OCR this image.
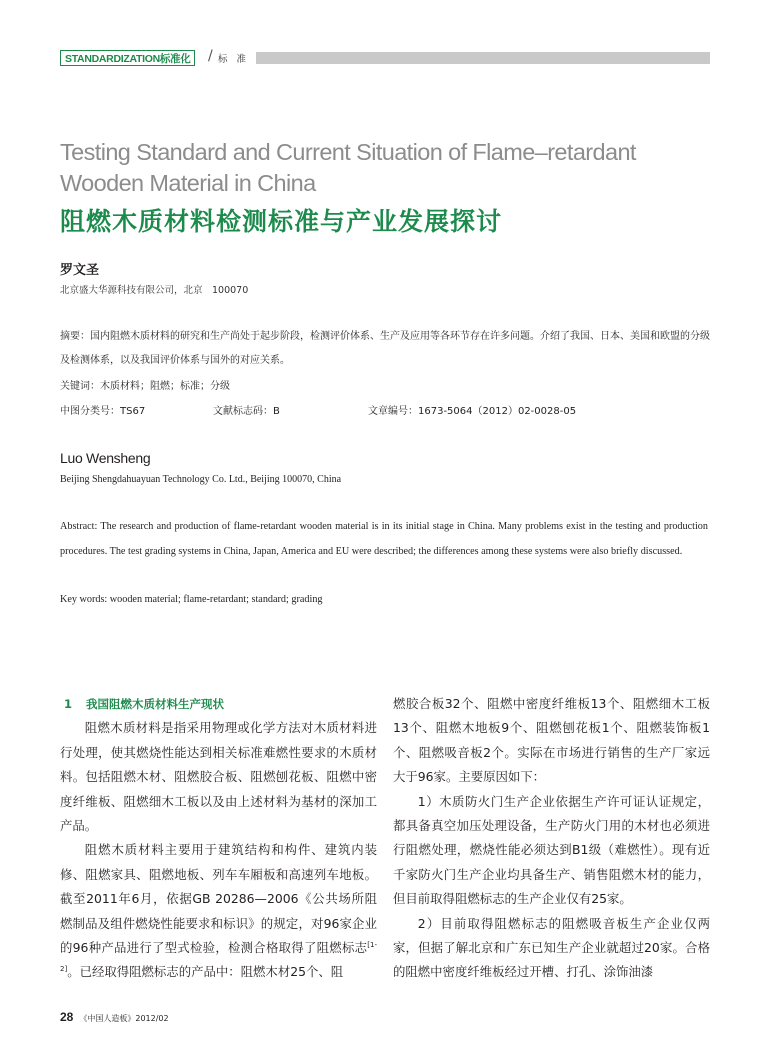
STANDARDIZATION标准化	/ 标 准
Testing Standard and Current Situation of Flame–retardant Wooden Material in China
阻燃木质材料检测标准与产业发展探讨
罗文圣
北京盛大华源科技有限公司，北京　100070
摘要：国内阻燃木质材料的研究和生产尚处于起步阶段，检测评价体系、生产及应用等各环节存在许多问题。介绍了我国、日本、美国和欧盟的分级及检测体系，以及我国评价体系与国外的对应关系。
关键词：木质材料；阻燃；标准；分级
中图分类号：TS67	文献标志码：B	文章编号：1673-5064（2012）02-0028-05
Luo Wensheng
Beijing Shengdahuayuan Technology Co. Ltd., Beijing 100070, China
Abstract: The research and production of flame-retardant wooden material is in its initial stage in China. Many problems exist in the testing and production procedures. The test grading systems in China, Japan, America and EU were described; the differences among these systems were also briefly discussed.
Key words: wooden material; flame-retardant; standard; grading

1 我国阻燃木质材料生产现状

阻燃木质材料是指采用物理或化学方法对木质材料进行处理，使其燃烧性能达到相关标准难燃性要求的木质材料。包括阻燃木材、阻燃胶合板、阻燃刨花板、阻燃中密度纤维板、阻燃细木工板以及由上述材料为基材的深加工产品。

阻燃木质材料主要用于建筑结构和构件、建筑内装修、阻燃家具、阻燃地板、列车车厢板和高速列车地板。截至2011年6月，依据GB 20286—2006《公共场所阻燃制品及组件燃烧性能要求和标识》的规定，对96家企业的96种产品进行了型式检验，检测合格取得了阻燃标志[1-2]。已经取得阻燃标志的产品中：阻燃木材25个、阻

燃胶合板32个、阻燃中密度纤维板13个、阻燃细木工板13个、阻燃木地板9个、阻燃刨花板1个、阻燃装饰板1个、阻燃吸音板2个。实际在市场进行销售的生产厂家远大于96家。主要原因如下：

1）木质防火门生产企业依据生产许可证认证规定，都具备真空加压处理设备，生产防火门用的木材也必须进行阻燃处理，燃烧性能必须达到B1级（难燃性）。现有近千家防火门生产企业均具备生产、销售阻燃木材的能力，但目前取得阻燃标志的生产企业仅有25家。

2）目前取得阻燃标志的阻燃吸音板生产企业仅两家，但据了解北京和广东已知生产企业就超过20家。合格的阻燃中密度纤维板经过开槽、打孔、涂饰油漆

28 《中国人造板》2012/02
